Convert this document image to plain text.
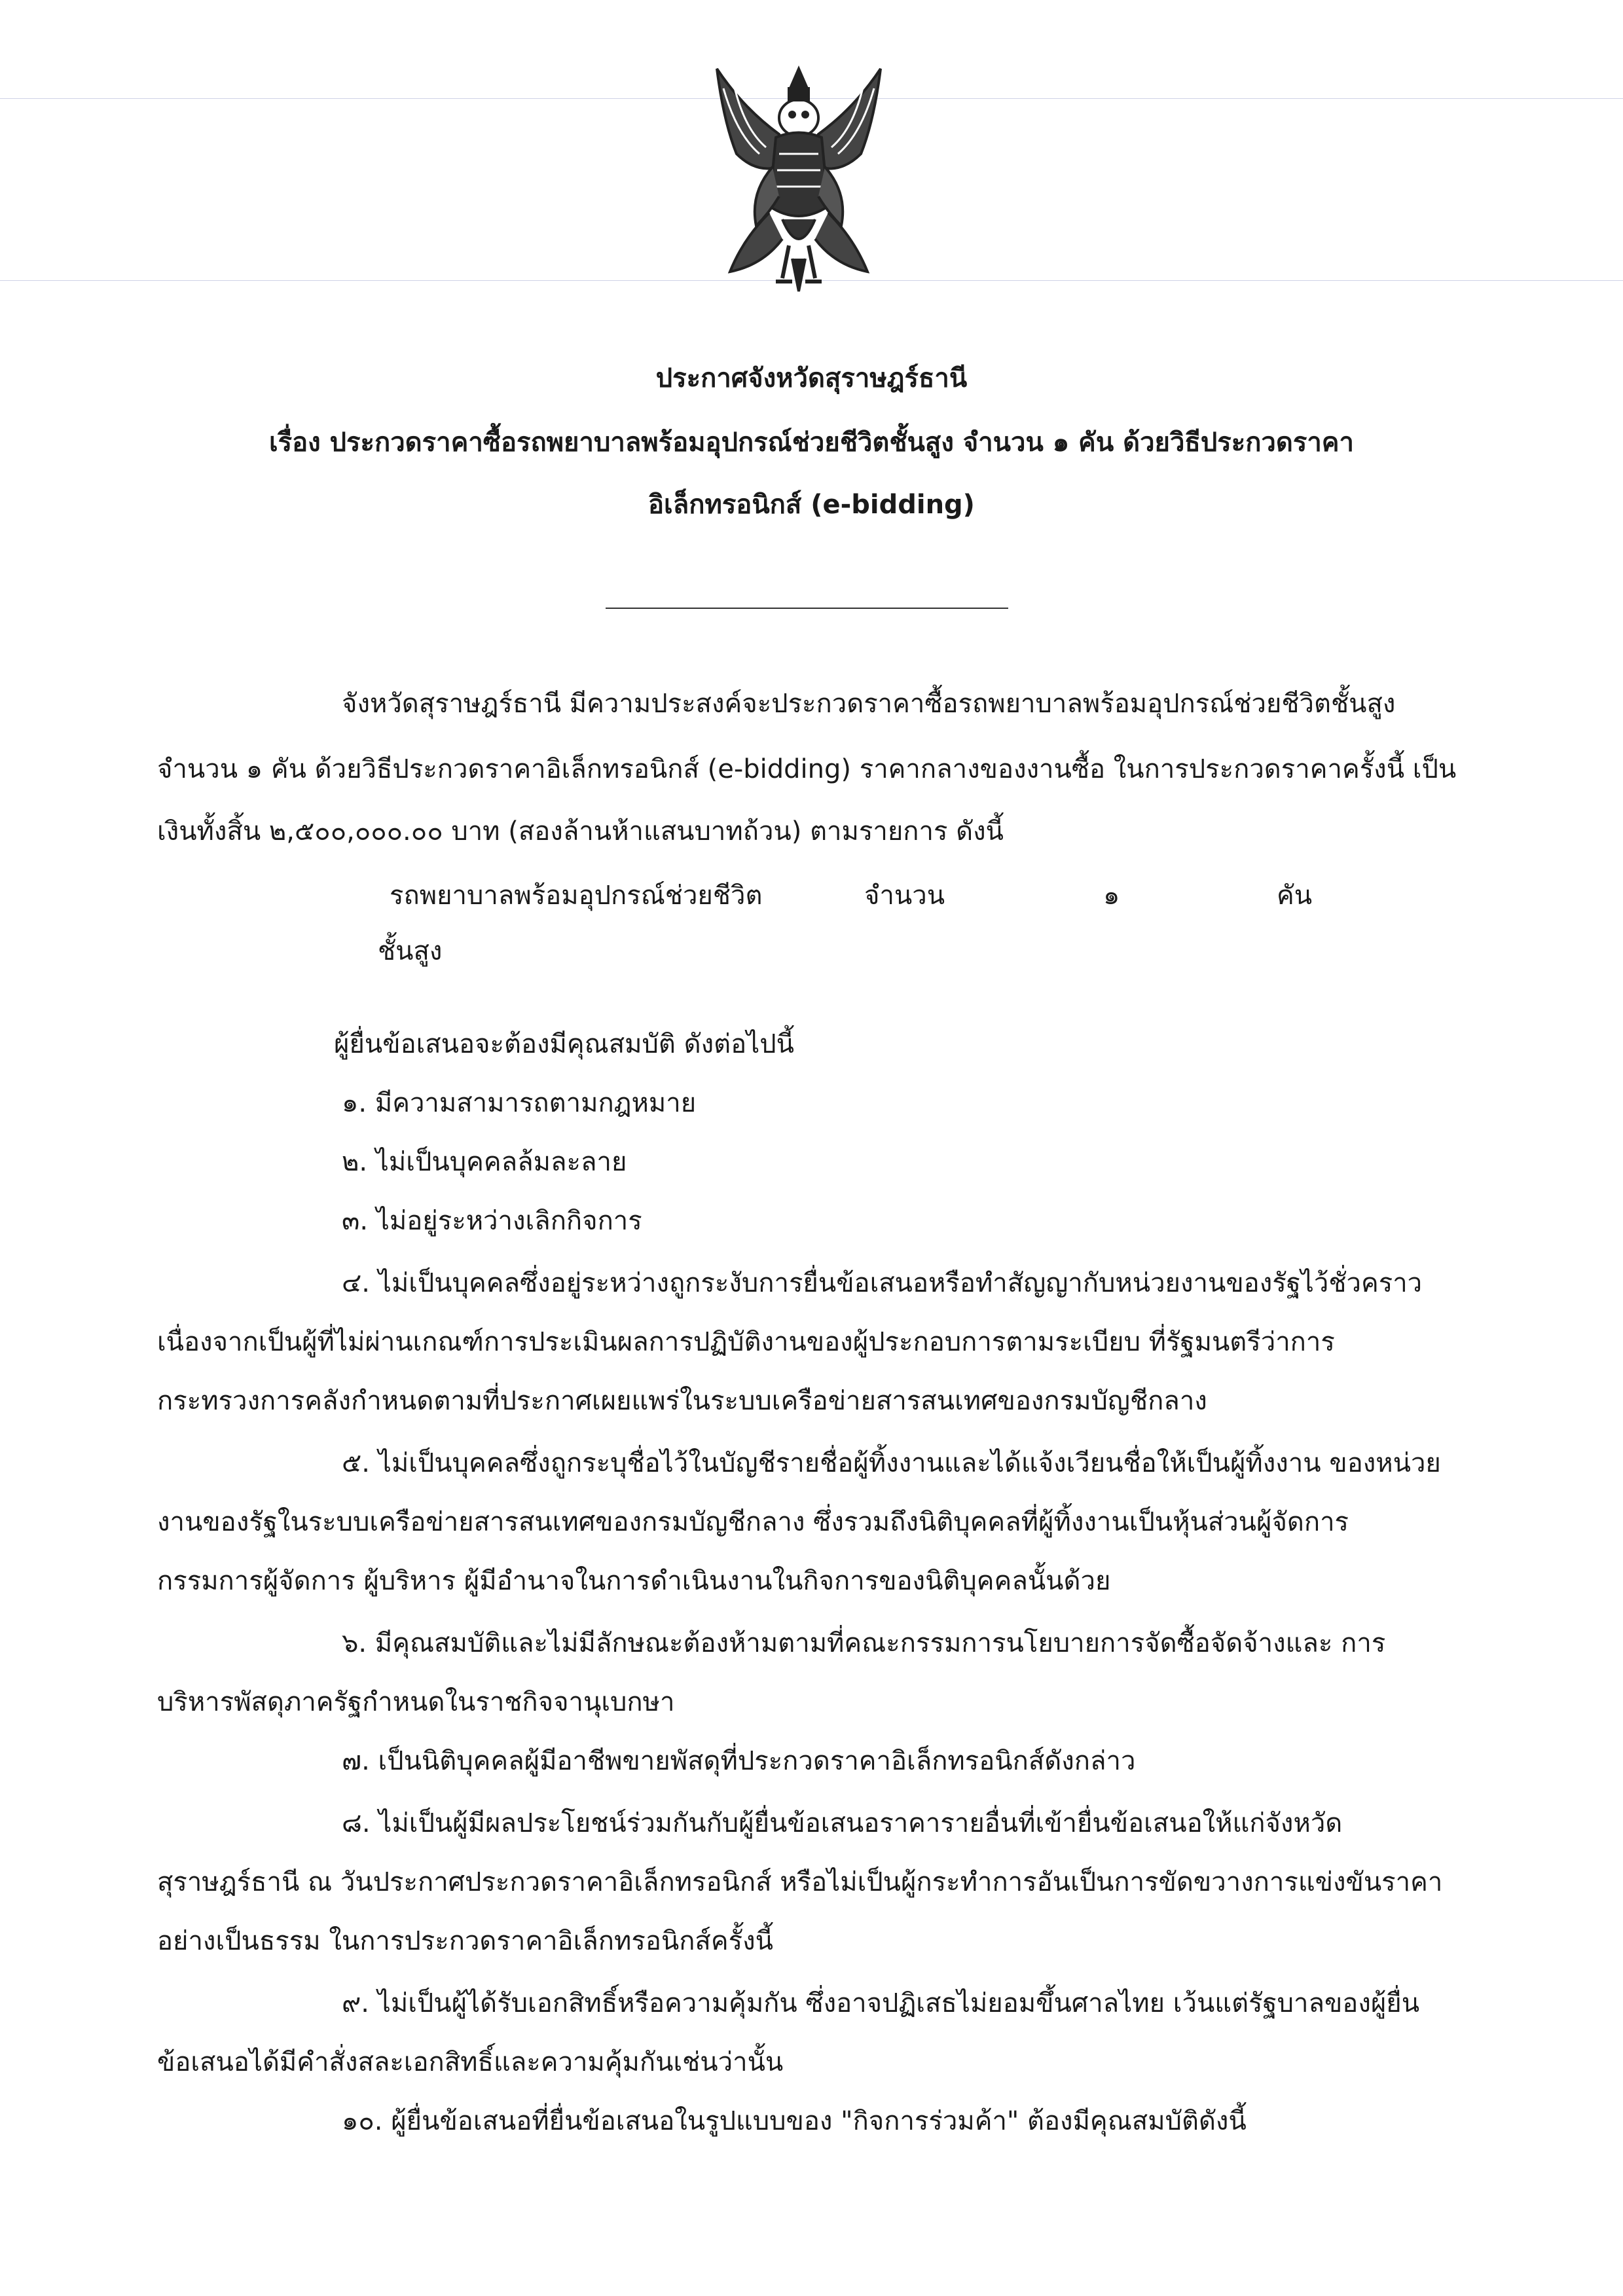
ประกาศจังหวัดสุราษฎร์ธานี
เรื่อง ประกวดราคาซื้อรถพยาบาลพร้อมอุปกรณ์ช่วยชีวิตชั้นสูง จำนวน ๑ คัน ด้วยวิธีประกวดราคา
อิเล็กทรอนิกส์ (e-bidding)
จังหวัดสุราษฎร์ธานี มีความประสงค์จะประกวดราคาซื้อรถพยาบาลพร้อมอุปกรณ์ช่วยชีวิตชั้นสูง
จำนวน ๑ คัน ด้วยวิธีประกวดราคาอิเล็กทรอนิกส์ (e-bidding) ราคากลางของงานซื้อ ในการประกวดราคาครั้งนี้ เป็น
เงินทั้งสิ้น ๒,๕๐๐,๐๐๐.๐๐ บาท (สองล้านห้าแสนบาทถ้วน) ตามรายการ ดังนี้
รถพยาบาลพร้อมอุปกรณ์ช่วยชีวิต
ชั้นสูง
จำนวน	๑	คัน
ผู้ยื่นข้อเสนอจะต้องมีคุณสมบัติ ดังต่อไปนี้
๑. มีความสามารถตามกฎหมาย
๒. ไม่เป็นบุคคลล้มละลาย
๓. ไม่อยู่ระหว่างเลิกกิจการ
๔. ไม่เป็นบุคคลซึ่งอยู่ระหว่างถูกระงับการยื่นข้อเสนอหรือทำสัญญากับหน่วยงานของรัฐไว้ชั่วคราว
เนื่องจากเป็นผู้ที่ไม่ผ่านเกณฑ์การประเมินผลการปฏิบัติงานของผู้ประกอบการตามระเบียบ ที่รัฐมนตรีว่าการ
กระทรวงการคลังกำหนดตามที่ประกาศเผยแพร่ในระบบเครือข่ายสารสนเทศของกรมบัญชีกลาง
๕. ไม่เป็นบุคคลซึ่งถูกระบุชื่อไว้ในบัญชีรายชื่อผู้ทิ้งงานและได้แจ้งเวียนชื่อให้เป็นผู้ทิ้งงาน ของหน่วย
งานของรัฐในระบบเครือข่ายสารสนเทศของกรมบัญชีกลาง ซึ่งรวมถึงนิติบุคคลที่ผู้ทิ้งงานเป็นหุ้นส่วนผู้จัดการ
กรรมการผู้จัดการ ผู้บริหาร ผู้มีอำนาจในการดำเนินงานในกิจการของนิติบุคคลนั้นด้วย
๖. มีคุณสมบัติและไม่มีลักษณะต้องห้ามตามที่คณะกรรมการนโยบายการจัดซื้อจัดจ้างและ การ
บริหารพัสดุภาครัฐกำหนดในราชกิจจานุเบกษา
๗. เป็นนิติบุคคลผู้มีอาชีพขายพัสดุที่ประกวดราคาอิเล็กทรอนิกส์ดังกล่าว
๘. ไม่เป็นผู้มีผลประโยชน์ร่วมกันกับผู้ยื่นข้อเสนอราคารายอื่นที่เข้ายื่นข้อเสนอให้แก่จังหวัด
สุราษฎร์ธานี ณ วันประกาศประกวดราคาอิเล็กทรอนิกส์ หรือไม่เป็นผู้กระทำการอันเป็นการขัดขวางการแข่งขันราคา
อย่างเป็นธรรม ในการประกวดราคาอิเล็กทรอนิกส์ครั้งนี้
๙. ไม่เป็นผู้ได้รับเอกสิทธิ์หรือความคุ้มกัน ซึ่งอาจปฏิเสธไม่ยอมขึ้นศาลไทย เว้นแต่รัฐบาลของผู้ยื่น
ข้อเสนอได้มีคำสั่งสละเอกสิทธิ์และความคุ้มกันเช่นว่านั้น
๑๐. ผู้ยื่นข้อเสนอที่ยื่นข้อเสนอในรูปแบบของ "กิจการร่วมค้า" ต้องมีคุณสมบัติดังนี้
